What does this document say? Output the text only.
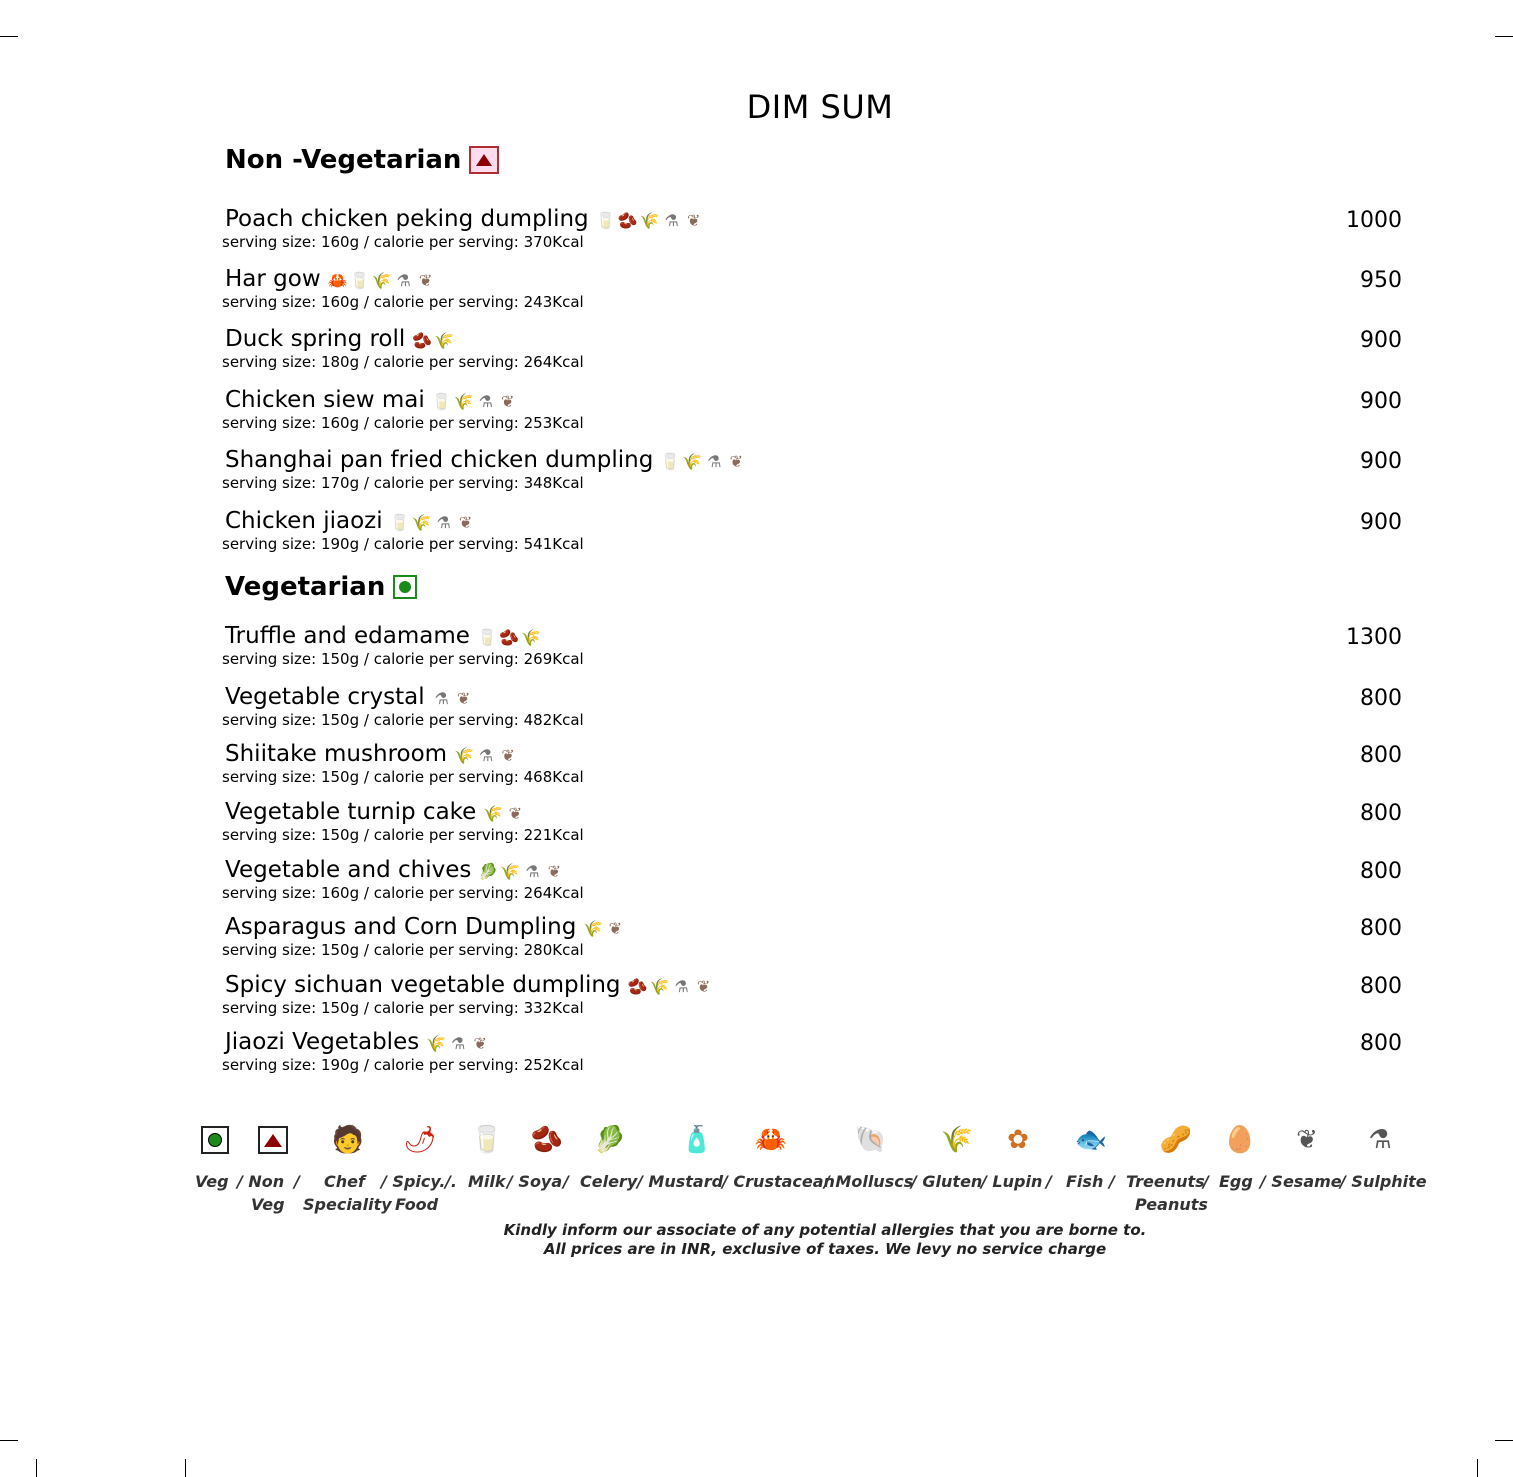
DIM SUM
Non -Vegetarian
Poach chicken peking dumpling 🥛 🫘 🌾 ⚗ ❦
serving size: 160g / calorie per serving: 370Kcal
1000
Har gow 🦀 🥛 🌾 ⚗ ❦
serving size: 160g / calorie per serving: 243Kcal
950
Duck spring roll 🫘 🌾
serving size: 180g / calorie per serving: 264Kcal
900
Chicken siew mai 🥛 🌾 ⚗ ❦
serving size: 160g / calorie per serving: 253Kcal
900
Shanghai pan fried chicken dumpling 🥛 🌾 ⚗ ❦
serving size: 170g / calorie per serving: 348Kcal
900
Chicken jiaozi 🥛 🌾 ⚗ ❦
serving size: 190g / calorie per serving: 541Kcal
900
Vegetarian
Truffle and edamame 🥛 🫘 🌾
serving size: 150g / calorie per serving: 269Kcal
1300
Vegetable crystal ⚗ ❦
serving size: 150g / calorie per serving: 482Kcal
800
Shiitake mushroom 🌾 ⚗ ❦
serving size: 150g / calorie per serving: 468Kcal
800
Vegetable turnip cake 🌾 ❦
serving size: 150g / calorie per serving: 221Kcal
800
Vegetable and chives 🥬 🌾 ⚗ ❦
serving size: 160g / calorie per serving: 264Kcal
800
Asparagus and Corn Dumpling 🌾 ❦
serving size: 150g / calorie per serving: 280Kcal
800
Spicy sichuan vegetable dumpling 🫘 🌾 ⚗ ❦
serving size: 150g / calorie per serving: 332Kcal
800
Jiaozi Vegetables 🌾 ⚗ ❦
serving size: 190g / calorie per serving: 252Kcal
800
🧑 🌶 🥛 🫘 🥬 🧴 🦀	🐚 🌾	✿	🐟 🥜 🥚	❦	⚗
Veg / Non
Veg
/ Chef
Speciality
/ Spicy.
Food
/. Milk / Soya / Celery / Mustard
/ Crustacean
/ Molluscs
/ Gluten
/ Lupin / Fish / Treenuts
Peanuts
/ Egg / Sesame
/ Sulphite
Kindly inform our associate of any potential allergies that you are borne to.
All prices are in INR, exclusive of taxes. We levy no service charge
